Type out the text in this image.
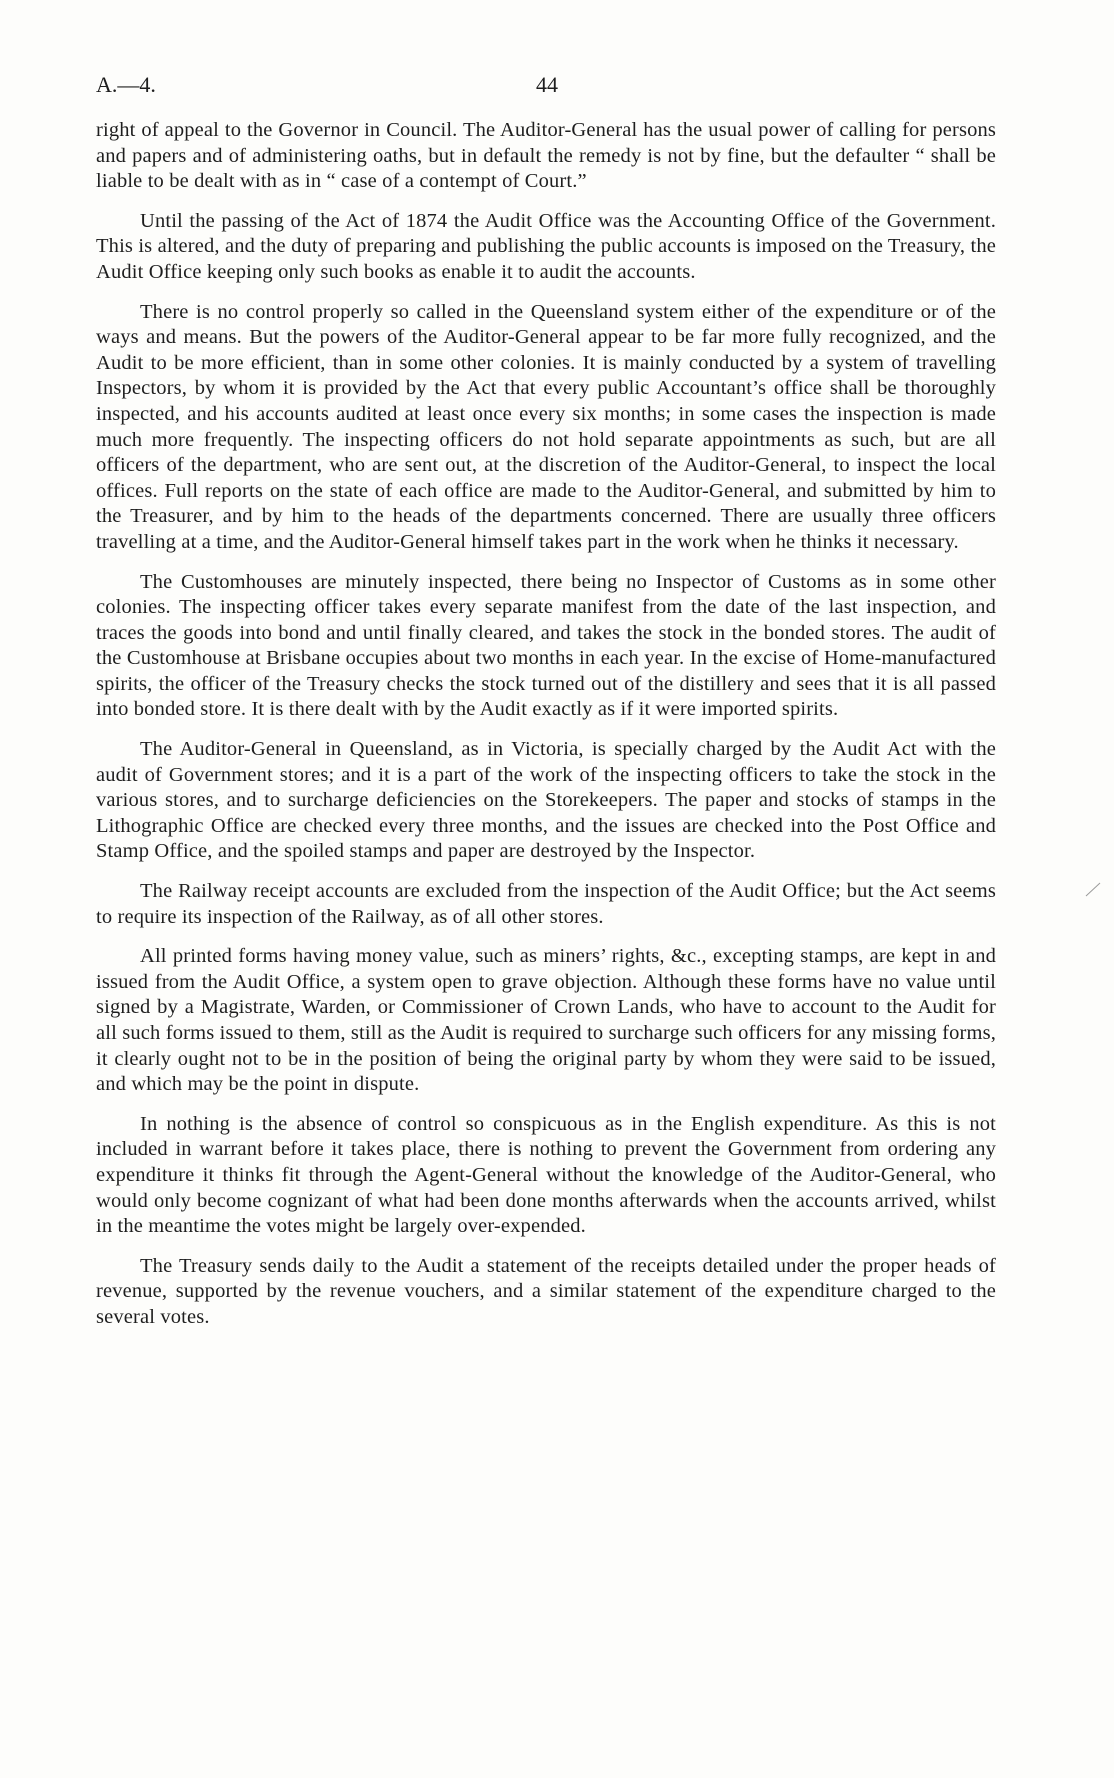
A.—4.	44

right of appeal to the Governor in Council. The Auditor-General has the usual power of calling for persons and papers and of administering oaths, but in default the remedy is not by fine, but the defaulter “ shall be liable to be dealt with as in “ case of a contempt of Court.”

Until the passing of the Act of 1874 the Audit Office was the Accounting Office of the Government. This is altered, and the duty of preparing and publishing the public accounts is imposed on the Treasury, the Audit Office keeping only such books as enable it to audit the accounts.

There is no control properly so called in the Queensland system either of the expenditure or of the ways and means. But the powers of the Auditor-General appear to be far more fully recognized, and the Audit to be more efficient, than in some other colonies. It is mainly conducted by a system of travelling Inspectors, by whom it is provided by the Act that every public Accountant’s office shall be thoroughly inspected, and his accounts audited at least once every six months; in some cases the inspection is made much more frequently. The inspecting officers do not hold separate appointments as such, but are all officers of the department, who are sent out, at the discretion of the Auditor-General, to inspect the local offices. Full reports on the state of each office are made to the Auditor-General, and submitted by him to the Treasurer, and by him to the heads of the departments concerned. There are usually three officers travelling at a time, and the Auditor-General himself takes part in the work when he thinks it necessary.

The Customhouses are minutely inspected, there being no Inspector of Customs as in some other colonies. The inspecting officer takes every separate manifest from the date of the last inspection, and traces the goods into bond and until finally cleared, and takes the stock in the bonded stores. The audit of the Customhouse at Brisbane occupies about two months in each year. In the excise of Home-manufactured spirits, the officer of the Treasury checks the stock turned out of the distillery and sees that it is all passed into bonded store. It is there dealt with by the Audit exactly as if it were imported spirits.

The Auditor-General in Queensland, as in Victoria, is specially charged by the Audit Act with the audit of Government stores; and it is a part of the work of the inspecting officers to take the stock in the various stores, and to surcharge deficiencies on the Storekeepers. The paper and stocks of stamps in the Lithographic Office are checked every three months, and the issues are checked into the Post Office and Stamp Office, and the spoiled stamps and paper are destroyed by the Inspector.

The Railway receipt accounts are excluded from the inspection of the Audit Office; but the Act seems to require its inspection of the Railway, as of all other stores.

All printed forms having money value, such as miners’ rights, &c., excepting stamps, are kept in and issued from the Audit Office, a system open to grave objection. Although these forms have no value until signed by a Magistrate, Warden, or Commissioner of Crown Lands, who have to account to the Audit for all such forms issued to them, still as the Audit is required to surcharge such officers for any missing forms, it clearly ought not to be in the position of being the original party by whom they were said to be issued, and which may be the point in dispute.

In nothing is the absence of control so conspicuous as in the English expenditure. As this is not included in warrant before it takes place, there is nothing to prevent the Government from ordering any expenditure it thinks fit through the Agent-General without the knowledge of the Auditor-General, who would only become cognizant of what had been done months afterwards when the accounts arrived, whilst in the meantime the votes might be largely over-expended.

The Treasury sends daily to the Audit a statement of the receipts detailed under the proper heads of revenue, supported by the revenue vouchers, and a similar statement of the expenditure charged to the several votes.
